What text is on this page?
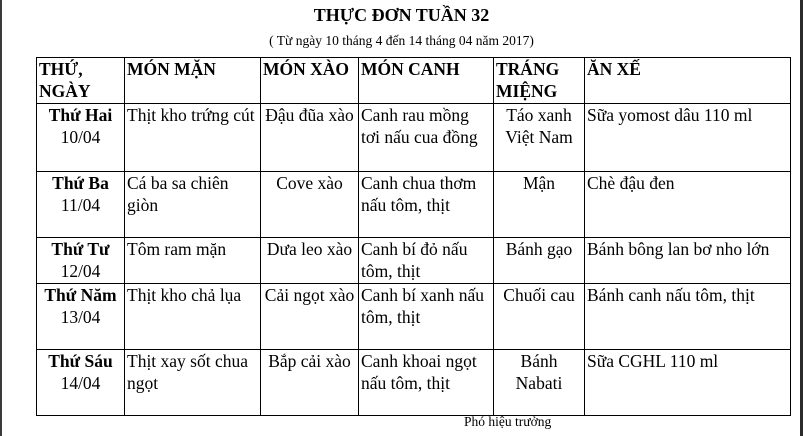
THỰC ĐƠN TUẦN 32
( Từ ngày 10 tháng 4 đến 14 tháng 04 năm 2017)
THỨ, NGÀY	MÓN MẶN	MÓN XÀO	MÓN CANH	TRÁNG MIỆNG	ĂN XẾ

Thứ Hai
10/04	Thịt kho trứng cút	Đậu đũa xào	Canh rau mồng tơi nấu cua đồng	Táo xanh Việt Nam	Sữa yomost dâu 110 ml

Thứ Ba
11/04	Cá ba sa chiên giòn	Cove xào	Canh chua thơm nấu tôm, thịt	Mận	Chè đậu đen

Thứ Tư
12/04	Tôm ram mặn	Dưa leo xào	Canh bí đỏ nấu tôm, thịt	Bánh gạo	Bánh bông lan bơ nho lớn

Thứ Năm
13/04	Thịt kho chả lụa	Cải ngọt xào	Canh bí xanh nấu tôm, thịt	Chuối cau	Bánh canh nấu tôm, thịt

Thứ Sáu
14/04	Thịt xay sốt chua ngọt	Bắp cải xào	Canh khoai ngọt nấu tôm, thịt	Bánh Nabati	Sữa CGHL 110 ml
Phó hiệu trưởng
